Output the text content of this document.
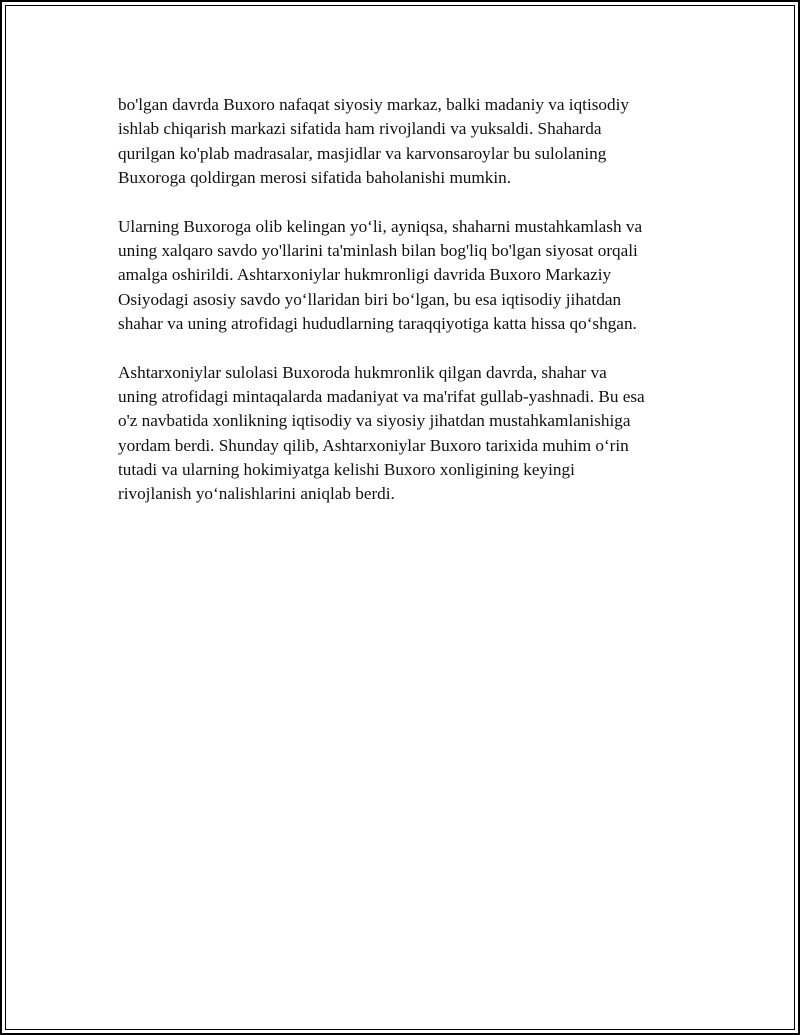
bo'lgan davrda Buxoro nafaqat siyosiy markaz, balki madaniy va iqtisodiy
ishlab chiqarish markazi sifatida ham rivojlandi va yuksaldi. Shaharda
qurilgan ko'plab madrasalar, masjidlar va karvonsaroylar bu sulolaning
Buxoroga qoldirgan merosi sifatida baholanishi mumkin.

Ularning Buxoroga olib kelingan yo‘li, ayniqsa, shaharni mustahkamlash va
uning xalqaro savdo yo'llarini ta'minlash bilan bog'liq bo'lgan siyosat orqali
amalga oshirildi. Ashtarxoniylar hukmronligi davrida Buxoro Markaziy
Osiyodagi asosiy savdo yo‘llaridan biri bo‘lgan, bu esa iqtisodiy jihatdan
shahar va uning atrofidagi hududlarning taraqqiyotiga katta hissa qo‘shgan.

Ashtarxoniylar sulolasi Buxoroda hukmronlik qilgan davrda, shahar va
uning atrofidagi mintaqalarda madaniyat va ma'rifat gullab-yashnadi. Bu esa
o'z navbatida xonlikning iqtisodiy va siyosiy jihatdan mustahkamlanishiga
yordam berdi. Shunday qilib, Ashtarxoniylar Buxoro tarixida muhim o‘rin
tutadi va ularning hokimiyatga kelishi Buxoro xonligining keyingi
rivojlanish yo‘nalishlarini aniqlab berdi.
